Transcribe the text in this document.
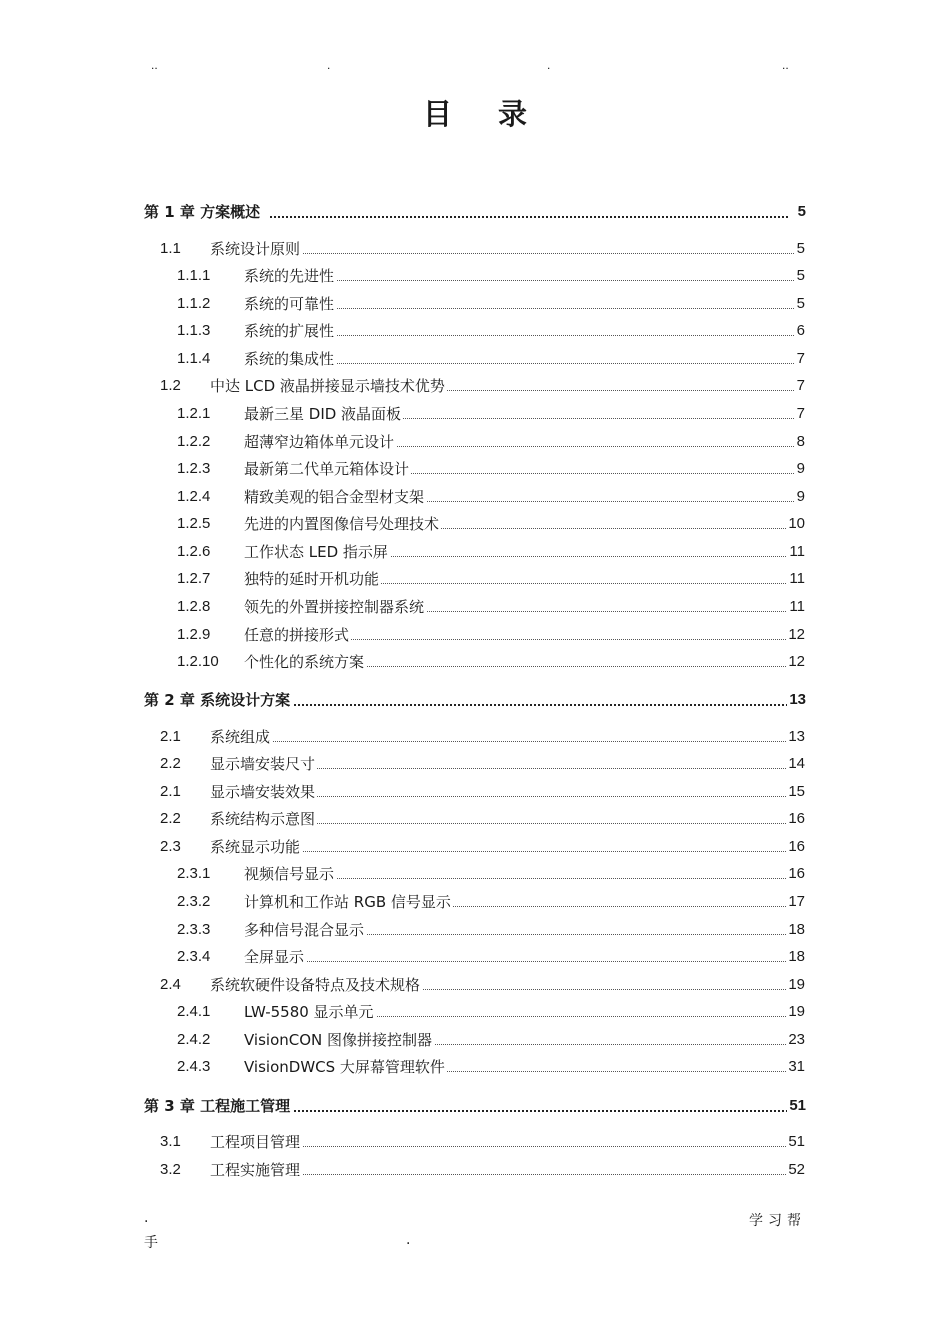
..	.	.	..
目录
第 1 章 方案概述	5
1.1 系统设计原则	5
1.1.1 系统的先进性	5
1.1.2 系统的可靠性	5
1.1.3 系统的扩展性	6
1.1.4 系统的集成性	7
1.2 中达 LCD 液晶拼接显示墙技术优势	7
1.2.1 最新三星 DID 液晶面板	7
1.2.2 超薄窄边箱体单元设计	8
1.2.3 最新第二代单元箱体设计	9
1.2.4 精致美观的铝合金型材支架	9
1.2.5 先进的内置图像信号处理技术	10
1.2.6 工作状态 LED 指示屏	11
1.2.7 独特的延时开机功能	11
1.2.8 领先的外置拼接控制器系统	11
1.2.9 任意的拼接形式	12
1.2.10 个性化的系统方案	12
第 2 章 系统设计方案	13
2.1 系统组成	13
2.2 显示墙安装尺寸	14
2.1 显示墙安装效果	15
2.2 系统结构示意图	16
2.3 系统显示功能	16
2.3.1 视频信号显示	16
2.3.2 计算机和工作站 RGB 信号显示	17
2.3.3 多种信号混合显示	18
2.3.4 全屏显示	18
2.4 系统软硬件设备特点及技术规格	19
2.4.1 LW-5580 显示单元	19
2.4.2 VisionCON 图像拼接控制器	23
2.4.3 VisionDWCS 大屏幕管理软件	31
第 3 章 工程施工管理	51
3.1 工程项目管理	51
3.2 工程实施管理	52
.	学习帮
手	.
